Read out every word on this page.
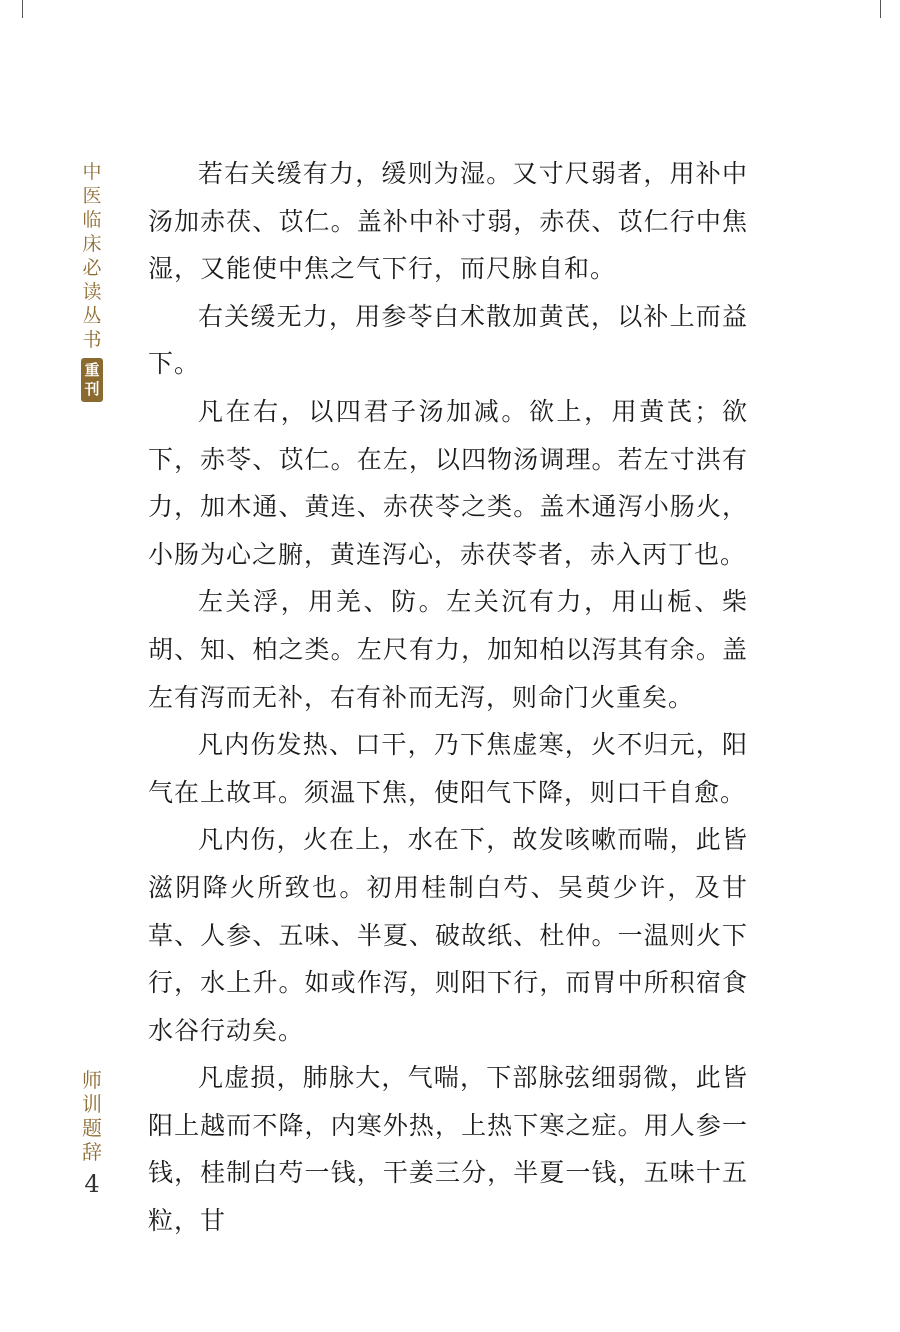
中
医
临
床
必
读
丛
书
重
刊
师
训
题
辞
4

若右关缓有力，缓则为湿。又寸尺弱者，用补中汤加赤茯、苡仁。盖补中补寸弱，赤茯、苡仁行中焦湿，又能使中焦之气下行，而尺脉自和。

右关缓无力，用参苓白术散加黄芪，以补上而益下。

凡在右，以四君子汤加减。欲上，用黄芪；欲下，赤苓、苡仁。在左，以四物汤调理。若左寸洪有力，加木通、黄连、赤茯苓之类。盖木通泻小肠火，小肠为心之腑，黄连泻心，赤茯苓者，赤入丙丁也。

左关浮，用羌、防。左关沉有力，用山栀、柴胡、知、柏之类。左尺有力，加知柏以泻其有余。盖左有泻而无补，右有补而无泻，则命门火重矣。

凡内伤发热、口干，乃下焦虚寒，火不归元，阳气在上故耳。须温下焦，使阳气下降，则口干自愈。

凡内伤，火在上，水在下，故发咳嗽而喘，此皆滋阴降火所致也。初用桂制白芍、吴萸少许，及甘草、人参、五味、半夏、破故纸、杜仲。一温则火下行，水上升。如或作泻，则阳下行，而胃中所积宿食水谷行动矣。

凡虚损，肺脉大，气喘，下部脉弦细弱微，此皆阳上越而不降，内寒外热，上热下寒之症。用人参一钱，桂制白芍一钱，干姜三分，半夏一钱，五味十五粒，甘
